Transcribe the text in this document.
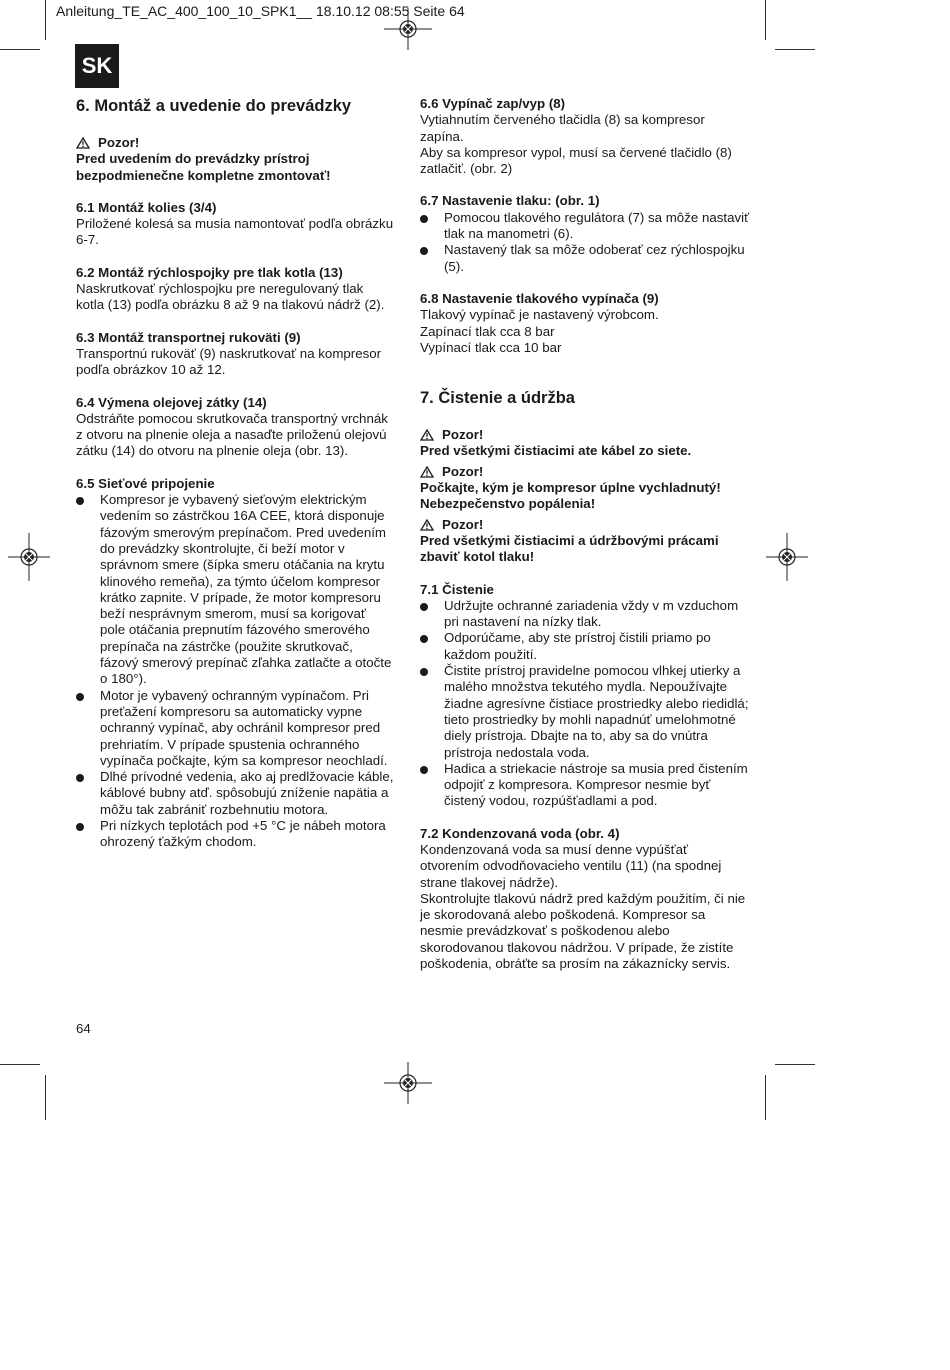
Anleitung_TE_AC_400_100_10_SPK1__ 18.10.12 08:55 Seite 64
SK
6. Montáž a uvedenie do prevádzky
Pozor!

Pred uvedením do prevádzky prístroj bezpodmienečne kompletne zmontovať!

6.1 Montáž kolies (3/4)

Priložené kolesá sa musia namontovať podľa obrázku 6-7.

6.2 Montáž rýchlospojky pre tlak kotla (13)

Naskrutkovať rýchlospojku pre neregulovaný tlak kotla (13) podľa obrázku 8 až 9 na tlakovú nádrž (2).

6.3 Montáž transportnej rukoväti (9)

Transportnú rukoväť (9) naskrutkovať na kompresor podľa obrázkov 10 až 12.

6.4 Výmena olejovej zátky (14)

Odstráňte pomocou skrutkovača transportný vrchnák z otvoru na plnenie oleja a nasaďte priloženú olejovú zátku (14) do otvoru na plnenie oleja (obr. 13).

6.5 Sieťové pripojenie

Kompresor je vybavený sieťovým elektrickým vedením so zástrčkou 16A CEE, ktorá disponuje fázovým smerovým prepínačom. Pred uvedením do prevádzky skontrolujte, či beží motor v správnom smere (šípka smeru otáčania na krytu klinového remeňa), za týmto účelom kompresor krátko zapnite. V prípade, že motor kompresoru beží nesprávnym smerom, musí sa korigovať pole otáčania prepnutím fázového smerového prepínača na zástrčke (použite skrutkovač, fázový smerový prepínač zľahka zatlačte a otočte o 180°).
Motor je vybavený ochranným vypínačom. Pri preťažení kompresoru sa automaticky vypne ochranný vypínač, aby ochránil kompresor pred prehriatím. V prípade spustenia ochranného vypínača počkajte, kým sa kompresor neochladí.
Dlhé prívodné vedenia, ako aj predlžovacie káble, káblové bubny atď. spôsobujú zníženie napätia a môžu tak zabrániť rozbehnutiu motora.
Pri nízkych teplotách pod +5 °C je nábeh motora ohrozený ťažkým chodom.

6.6 Vypínač zap/vyp (8)

Vytiahnutím červeného tlačidla (8) sa kompresor zapína.

Aby sa kompresor vypol, musí sa červené tlačidlo (8) zatlačiť. (obr. 2)

6.7 Nastavenie tlaku: (obr. 1)

Pomocou tlakového regulátora (7) sa môže nastaviť tlak na manometri (6).
Nastavený tlak sa môže odoberať cez rýchlospojku (5).

6.8 Nastavenie tlakového vypínača (9)

Tlakový vypínač je nastavený výrobcom.

Zapínací tlak cca 8 bar

Vypínací tlak cca 10 bar

7. Čistenie a údržba
Pozor!

Pred všetkými čistiacimi ate kábel zo siete.

Pozor!

Počkajte, kým je kompresor úplne vychladnutý! Nebezpečenstvo popálenia!

Pozor!

Pred všetkými čistiacimi a údržbovými prácami zbaviť kotol tlaku!

7.1 Čistenie

Udržujte ochranné zariadenia vždy v m vzduchom pri nastavení na nízky tlak.
Odporúčame, aby ste prístroj čistili priamo po každom použití.
Čistite prístroj pravidelne pomocou vlhkej utierky a malého množstva tekutého mydla. Nepoužívajte žiadne agresívne čistiace prostriedky alebo riedidlá; tieto prostriedky by mohli napadnúť umelohmotné diely prístroja. Dbajte na to, aby sa do vnútra prístroja nedostala voda.
Hadica a striekacie nástroje sa musia pred čistením odpojiť z kompresora. Kompresor nesmie byť čistený vodou, rozpúšťadlami a pod.

7.2 Kondenzovaná voda (obr. 4)

Kondenzovaná voda sa musí denne vypúšťať otvorením odvodňovacieho ventilu (11) (na spodnej strane tlakovej nádrže).

Skontrolujte tlakovú nádrž pred každým použitím, či nie je skorodovaná alebo poškodená. Kompresor sa nesmie prevádzkovať s poškodenou alebo skorodovanou tlakovou nádržou. V prípade, že zistíte poškodenia, obráťte sa prosím na zákaznícky servis.

64
